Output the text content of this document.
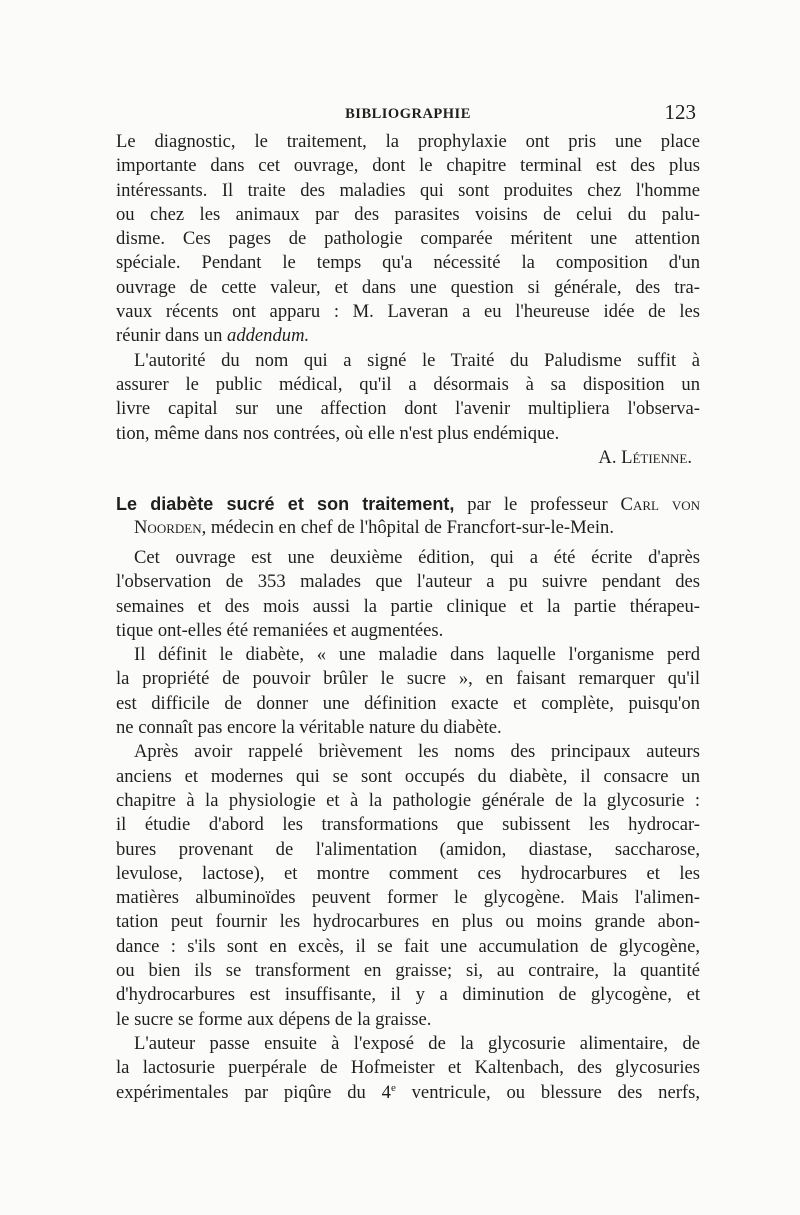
BIBLIOGRAPHIE	123
Le diagnostic, le traitement, la prophylaxie ont pris une place
importante dans cet ouvrage, dont le chapitre terminal est des plus
intéressants. Il traite des maladies qui sont produites chez l'homme
ou chez les animaux par des parasites voisins de celui du palu-
disme. Ces pages de pathologie comparée méritent une attention
spéciale. Pendant le temps qu'a nécessité la composition d'un
ouvrage de cette valeur, et dans une question si générale, des tra-
vaux récents ont apparu : M. Laveran a eu l'heureuse idée de les
réunir dans un addendum.
L'autorité du nom qui a signé le Traité du Paludisme suffit à
assurer le public médical, qu'il a désormais à sa disposition un
livre capital sur une affection dont l'avenir multipliera l'observa-
tion, même dans nos contrées, où elle n'est plus endémique.
A. Létienne.
Le diabète sucré et son traitement, par le professeur Carl von
Noorden, médecin en chef de l'hôpital de Francfort-sur-le-Mein.
Cet ouvrage est une deuxième édition, qui a été écrite d'après
l'observation de 353 malades que l'auteur a pu suivre pendant des
semaines et des mois aussi la partie clinique et la partie thérapeu-
tique ont-elles été remaniées et augmentées.
Il définit le diabète, « une maladie dans laquelle l'organisme perd
la propriété de pouvoir brûler le sucre », en faisant remarquer qu'il
est difficile de donner une définition exacte et complète, puisqu'on
ne connaît pas encore la véritable nature du diabète.
Après avoir rappelé brièvement les noms des principaux auteurs
anciens et modernes qui se sont occupés du diabète, il consacre un
chapitre à la physiologie et à la pathologie générale de la glycosurie :
il étudie d'abord les transformations que subissent les hydrocar-
bures provenant de l'alimentation (amidon, diastase, saccharose,
levulose, lactose), et montre comment ces hydrocarbures et les
matières albuminoïdes peuvent former le glycogène. Mais l'alimen-
tation peut fournir les hydrocarbures en plus ou moins grande abon-
dance : s'ils sont en excès, il se fait une accumulation de glycogène,
ou bien ils se transforment en graisse; si, au contraire, la quantité
d'hydrocarbures est insuffisante, il y a diminution de glycogène, et
le sucre se forme aux dépens de la graisse.
L'auteur passe ensuite à l'exposé de la glycosurie alimentaire, de
la lactosurie puerpérale de Hofmeister et Kaltenbach, des glycosuries
expérimentales par piqûre du 4e ventricule, ou blessure des nerfs,
